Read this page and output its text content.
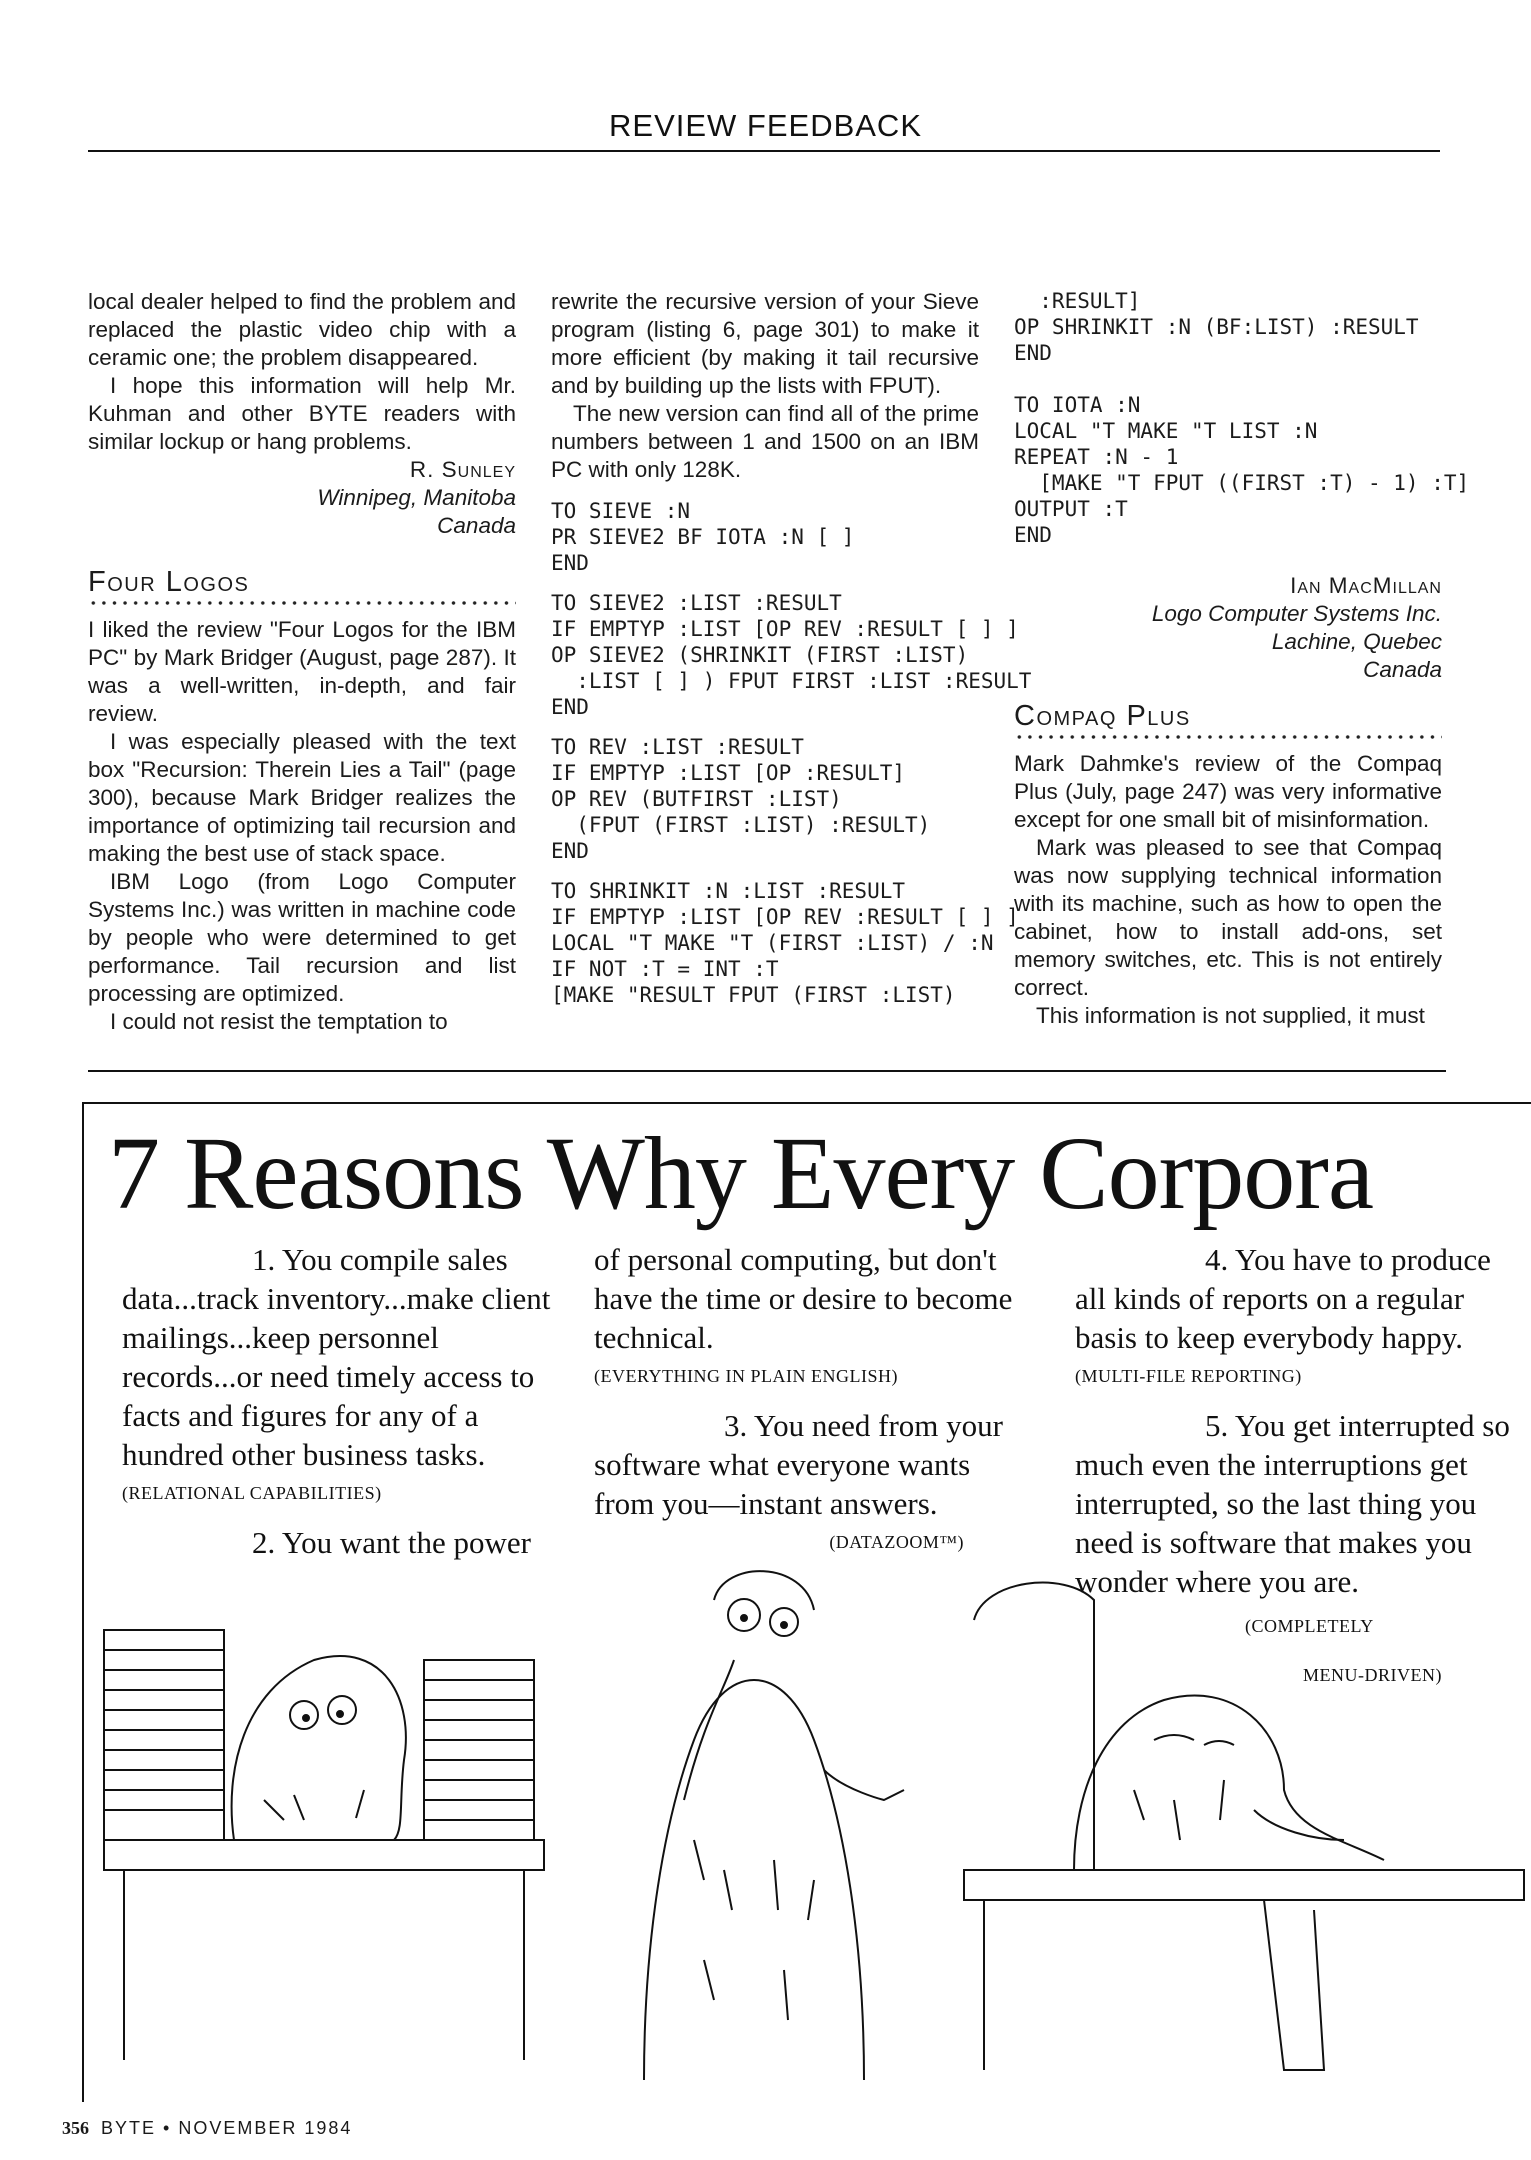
REVIEW FEEDBACK

local dealer helped to find the problem and replaced the plastic video chip with a ceramic one; the problem disappeared.

I hope this information will help Mr. Kuhman and other BYTE readers with similar lockup or hang problems.

R. Sunley
Winnipeg, Manitoba
Canada
Four Logos

I liked the review "Four Logos for the IBM PC" by Mark Bridger (August, page 287). It was a well-written, in-depth, and fair review.

I was especially pleased with the text box "Recursion: Therein Lies a Tail" (page 300), because Mark Bridger realizes the importance of optimizing tail recursion and making the best use of stack space.

IBM Logo (from Logo Computer Systems Inc.) was written in machine code by people who were determined to get performance. Tail recursion and list processing are optimized.

I could not resist the temptation to

rewrite the recursive version of your Sieve program (listing 6, page 301) to make it more efficient (by making it tail recursive and by building up the lists with FPUT).

The new version can find all of the prime numbers between 1 and 1500 on an IBM PC with only 128K.

TO SIEVE :N
PR SIEVE2 BF IOTA :N [ ]
END
TO SIEVE2 :LIST :RESULT
IF EMPTYP :LIST [OP REV :RESULT [ ] ]
OP SIEVE2 (SHRINKIT (FIRST :LIST)
:LIST [ ] ) FPUT FIRST :LIST :RESULT
END
TO REV :LIST :RESULT
IF EMPTYP :LIST [OP :RESULT]
OP REV (BUTFIRST :LIST)
(FPUT (FIRST :LIST) :RESULT)
END
TO SHRINKIT :N :LIST :RESULT
IF EMPTYP :LIST [OP REV :RESULT [ ] ]
LOCAL "T MAKE "T (FIRST :LIST) / :N
IF NOT :T = INT :T
[MAKE "RESULT FPUT (FIRST :LIST)
:RESULT]
OP SHRINKIT :N (BF:LIST) :RESULT
END
TO IOTA :N
LOCAL "T MAKE "T LIST :N
REPEAT :N - 1
[MAKE "T FPUT ((FIRST :T) - 1) :T]
OUTPUT :T
END
Ian MacMillan
Logo Computer Systems Inc.
Lachine, Quebec
Canada
Compaq Plus

Mark Dahmke's review of the Compaq Plus (July, page 247) was very informative except for one small bit of misinformation.

Mark was pleased to see that Compaq was now supplying technical information with its machine, such as how to open the cabinet, how to install add-ons, set memory switches, etc. This is not entirely correct.

This information is not supplied, it must

7 Reasons Why Every Corpora

1. You compile sales data...track inventory...make client mailings...keep personnel records...or need timely access to facts and figures for any of a hundred other business tasks.

(RELATIONAL CAPABILITIES)

2. You want the power

of personal computing, but don't have the time or desire to become technical.

(EVERYTHING IN PLAIN ENGLISH)

3. You need from your software what everyone wants from you—instant answers.

(DATAZOOM™)

4. You have to produce all kinds of reports on a regular basis to keep everybody happy.

(MULTI-FILE REPORTING)

5. You get interrupted so much even the interruptions get interrupted, so the last thing you need is software that makes you wonder where you are.

(COMPLETELY

MENU-DRIVEN)

356 BYTE • NOVEMBER 1984
